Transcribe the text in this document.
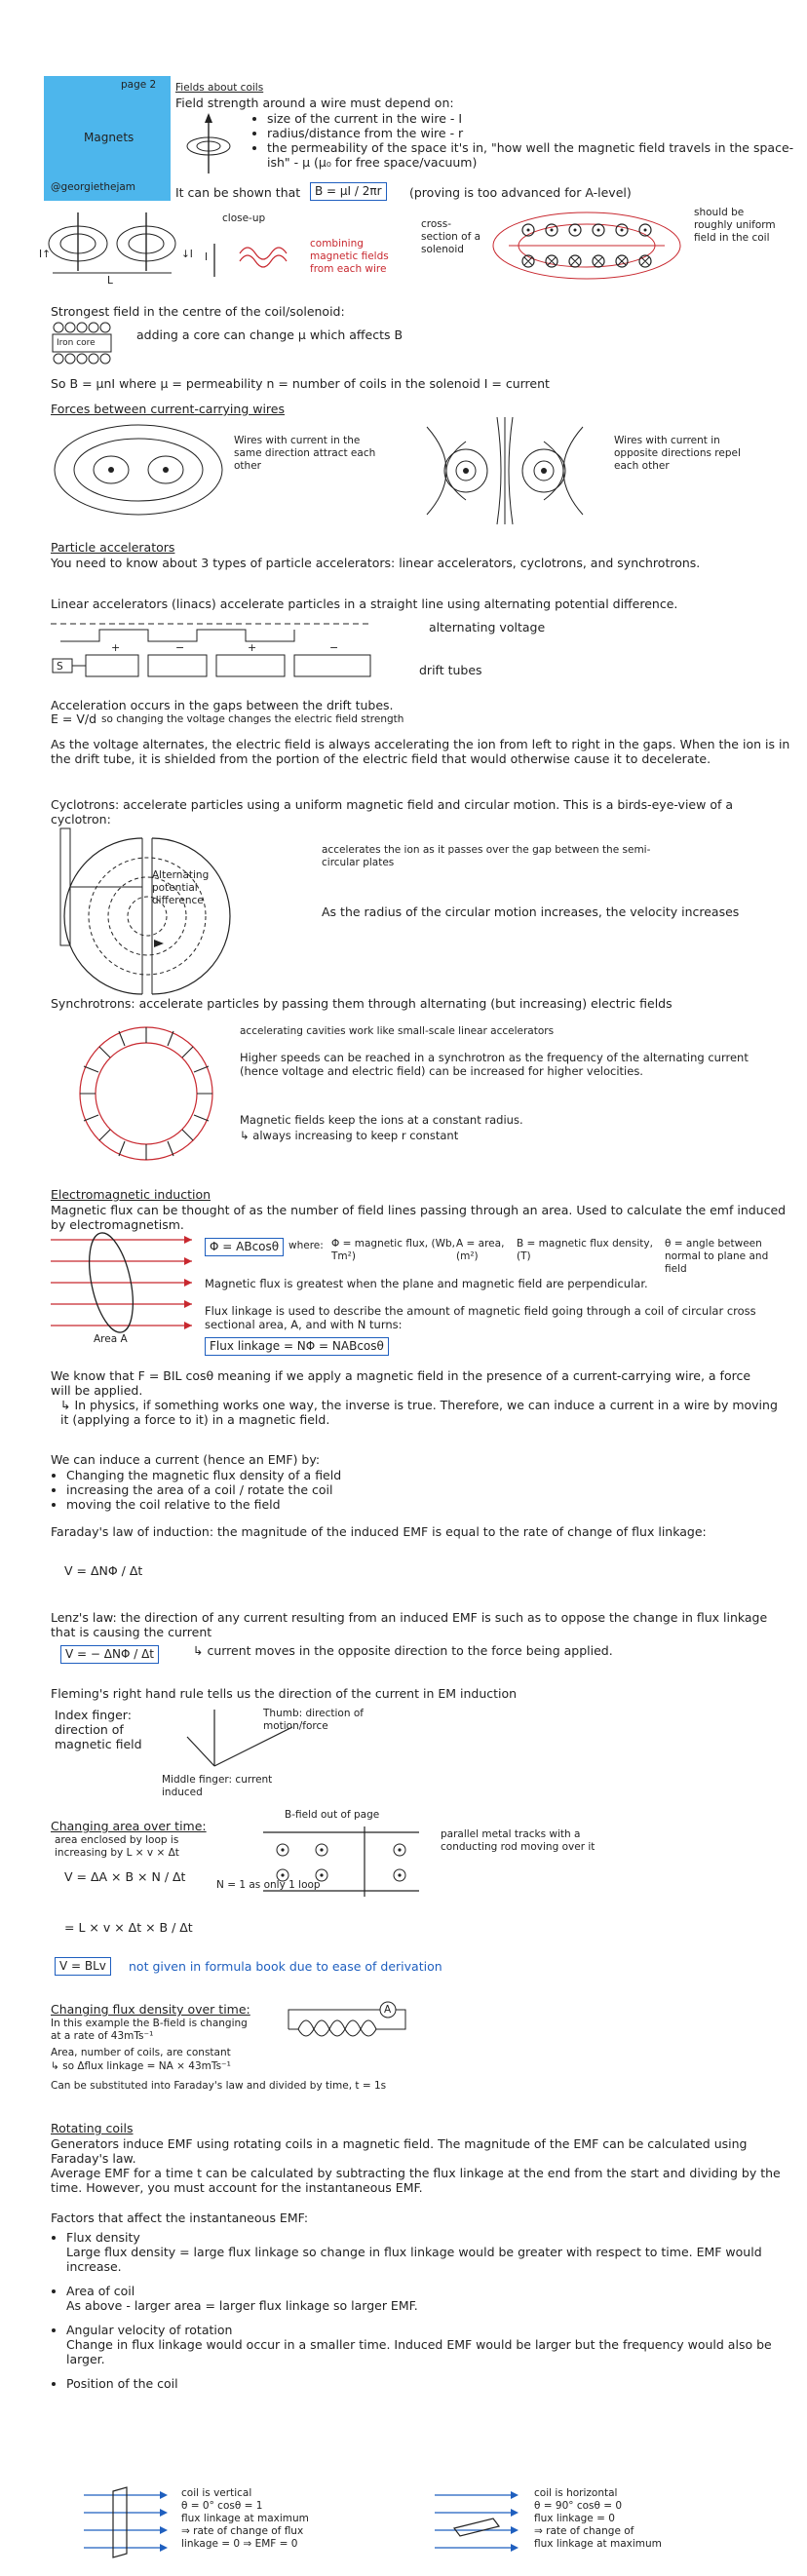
page 2
Magnets
@georgiethejam
Fields about coils
Field strength around a wire must depend on:
• size of the current in the wire - I
• radius/distance from the wire - r
• the permeability of the space it's in, "how well the magnetic field travels in the space-ish" - μ (μ₀ for free space/vacuum)
It can be shown that	B = μI / 2πr	(proving is too advanced for A-level)
I↑	↓I
L
close-up
I
combining magnetic fields from each wire
cross-section of a solenoid
should be roughly uniform field in the coil
Strongest field in the centre of the coil/solenoid:
Iron core
adding a core can change μ which affects B
So B = μnI where μ = permeability n = number of coils in the solenoid I = current
Forces between current-carrying wires
Wires with current in the same direction attract each other
Wires with current in opposite directions repel each other
Particle accelerators
You need to know about 3 types of particle accelerators: linear accelerators, cyclotrons, and synchrotrons.
Linear accelerators (linacs) accelerate particles in a straight line using alternating potential difference.
+	−	+	−
S
alternating voltage
drift tubes
Acceleration occurs in the gaps between the drift tubes.
E = V/d so changing the voltage changes the electric field strength
As the voltage alternates, the electric field is always accelerating the ion from left to right in the gaps. When the ion is in the drift tube, it is shielded from the portion of the electric field that would otherwise cause it to decelerate.
Cyclotrons: accelerate particles using a uniform magnetic field and circular motion. This is a birds-eye-view of a cyclotron:
Alternating potential difference
accelerates the ion as it passes over the gap between the semi-circular plates
As the radius of the circular motion increases, the velocity increases
Synchrotrons: accelerate particles by passing them through alternating (but increasing) electric fields
accelerating cavities work like small-scale linear accelerators
Higher speeds can be reached in a synchrotron as the frequency of the alternating current (hence voltage and electric field) can be increased for higher velocities.
Magnetic fields keep the ions at a constant radius.
↳ always increasing to keep r constant
Electromagnetic induction
Magnetic flux can be thought of as the number of field lines passing through an area. Used to calculate the emf induced by electromagnetism.
Area A
Φ = ABcosθ where: Φ = magnetic flux, (Wb, Tm²)
A = area, (m²)
B = magnetic flux density, (T)
θ = angle between normal to plane and field
Magnetic flux is greatest when the plane and magnetic field are perpendicular.
Flux linkage is used to describe the amount of magnetic field going through a coil of circular cross sectional area, A, and with N turns:
Flux linkage = NΦ = NABcosθ
We know that F = BIL cosθ meaning if we apply a magnetic field in the presence of a current-carrying wire, a force will be applied.
↳ In physics, if something works one way, the inverse is true. Therefore, we can induce a current in a wire by moving it (applying a force to it) in a magnetic field.
We can induce a current (hence an EMF) by:
• Changing the magnetic flux density of a field
• increasing the area of a coil / rotate the coil
• moving the coil relative to the field
Faraday's law of induction: the magnitude of the induced EMF is equal to the rate of change of flux linkage:
V = ΔNΦ / Δt
Lenz's law: the direction of any current resulting from an induced EMF is such as to oppose the change in flux linkage that is causing the current
V = − ΔNΦ / Δt	↳ current moves in the opposite direction to the force being applied.
Fleming's right hand rule tells us the direction of the current in EM induction
Index finger: direction of magnetic field
Thumb: direction of motion/force
Middle finger: current induced
Changing area over time:
area enclosed by loop is increasing by L × v × Δt
V = ΔA × B × N / Δt
N = 1 as only 1 loop
= L × v × Δt × B / Δt
V = BLv	not given in formula book due to ease of derivation
B-field out of page
parallel metal tracks with a conducting rod moving over it
Changing flux density over time:
In this example the B-field is changing at a rate of 43mTs⁻¹
Area, number of coils, are constant
↳ so Δflux linkage = NA × 43mTs⁻¹
Can be substituted into Faraday's law and divided by time, t = 1s
A
Rotating coils
Generators induce EMF using rotating coils in a magnetic field. The magnitude of the EMF can be calculated using Faraday's law.
Average EMF for a time t can be calculated by subtracting the flux linkage at the end from the start and dividing by the time. However, you must account for the instantaneous EMF.
Factors that affect the instantaneous EMF:
• Flux density
Large flux density = large flux linkage so change in flux linkage would be greater with respect to time. EMF would increase.
• Area of coil
As above - larger area = larger flux linkage so larger EMF.
• Angular velocity of rotation
Change in flux linkage would occur in a smaller time. Induced EMF would be larger but the frequency would also be larger.
• Position of the coil
coil is vertical
θ = 0° cosθ = 1
flux linkage at maximum
⇒ rate of change of flux
linkage = 0 ⇒ EMF = 0
coil is horizontal
θ = 90° cosθ = 0
flux linkage = 0
⇒ rate of change of
flux linkage at maximum
